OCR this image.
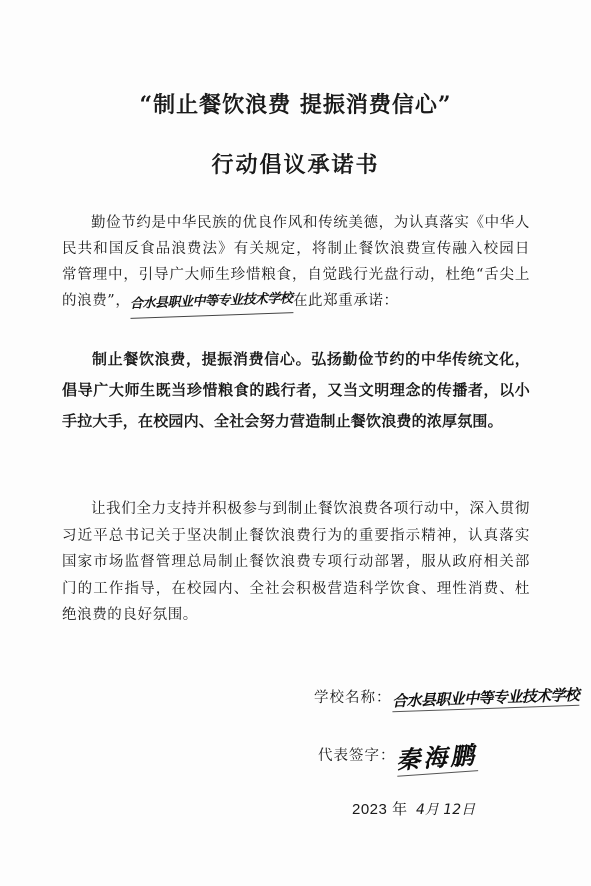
“制止餐饮浪费 提振消费信心”
行动倡议承诺书
勤俭节约是中华民族的优良作风和传统美德，为认真落实《中华人民共和国反食品浪费法》有关规定，将制止餐饮浪费宣传融入校园日常管理中，引导广大师生珍惜粮食，自觉践行光盘行动，杜绝“舌尖上的浪费”，合水县职业中等专业技术学校在此郑重承诺：
制止餐饮浪费，提振消费信心。弘扬勤俭节约的中华传统文化，倡导广大师生既当珍惜粮食的践行者，又当文明理念的传播者，以小手拉大手，在校园内、全社会努力营造制止餐饮浪费的浓厚氛围。
让我们全力支持并积极参与到制止餐饮浪费各项行动中，深入贯彻习近平总书记关于坚决制止餐饮浪费行为的重要指示精神，认真落实国家市场监督管理总局制止餐饮浪费专项行动部署，服从政府相关部门的工作指导，在校园内、全社会积极营造科学饮食、理性消费、杜绝浪费的良好氛围。
学校名称：合水县职业中等专业技术学校
代表签字：秦海鹏
2023 年 4月 12日
